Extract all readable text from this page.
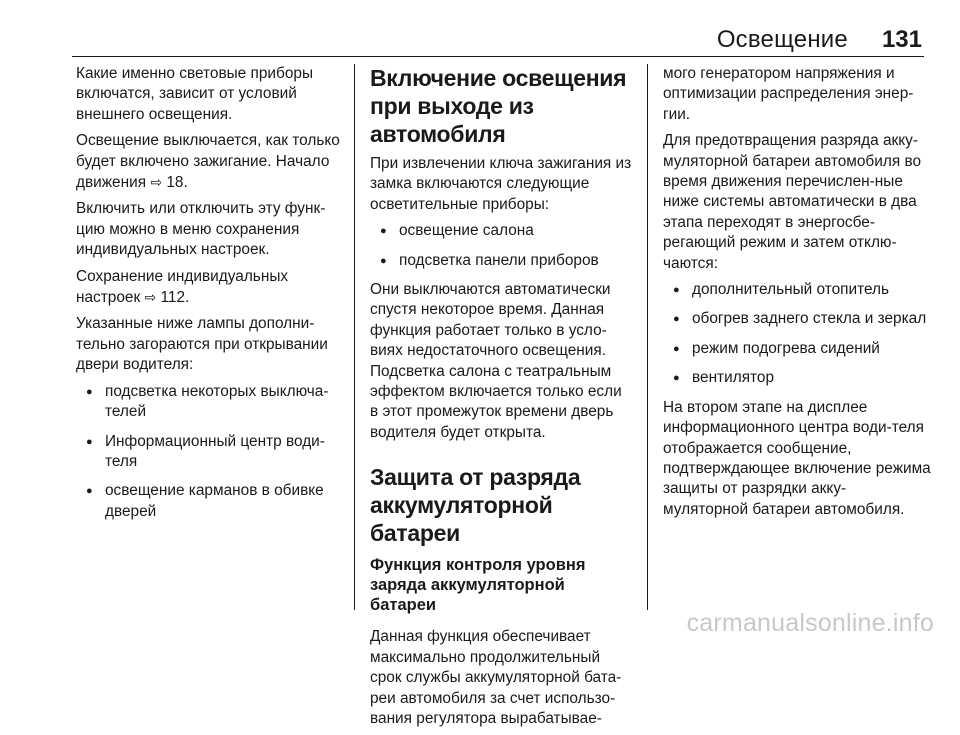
Освещение 131

Какие именно световые приборы включатся, зависит от условий внешнего освещения.

Освещение выключается, как только будет включено зажигание. Начало движения ⇨ 18.

Включить или отключить эту функ-цию можно в меню сохранения индивидуальных настроек.

Сохранение индивидуальных настроек ⇨ 112.

Указанные ниже лампы дополни-тельно загораются при открывании двери водителя:

● подсветка некоторых выключа-телей
● Информационный центр води-теля
● освещение карманов в обивке дверей
Включение освещения при выходе из автомобиля

При извлечении ключа зажигания из замка включаются следующие осветительные приборы:

● освещение салона
● подсветка панели приборов

Они выключаются автоматически спустя некоторое время. Данная функция работает только в усло-виях недостаточного освещения. Подсветка салона с театральным эффектом включается только если в этот промежуток времени дверь водителя будет открыта.

Защита от разряда аккумуляторной батареи
Функция контроля уровня заряда аккумуляторной батареи

Данная функция обеспечивает максимально продолжительный срок службы аккумуляторной бата-реи автомобиля за счет использо-вания регулятора вырабатывае-

мого генератором напряжения и оптимизации распределения энер-гии.

Для предотвращения разряда акку-муляторной батареи автомобиля во время движения перечислен-ные ниже системы автоматически в два этапа переходят в энергосбе-регающий режим и затем отклю-чаются:

● дополнительный отопитель
● обогрев заднего стекла и зеркал
● режим подогрева сидений
● вентилятор

На втором этапе на дисплее информационного центра води-теля отображается сообщение, подтверждающее включение режима защиты от разрядки акку-муляторной батареи автомобиля.

carmanualsonline.info
